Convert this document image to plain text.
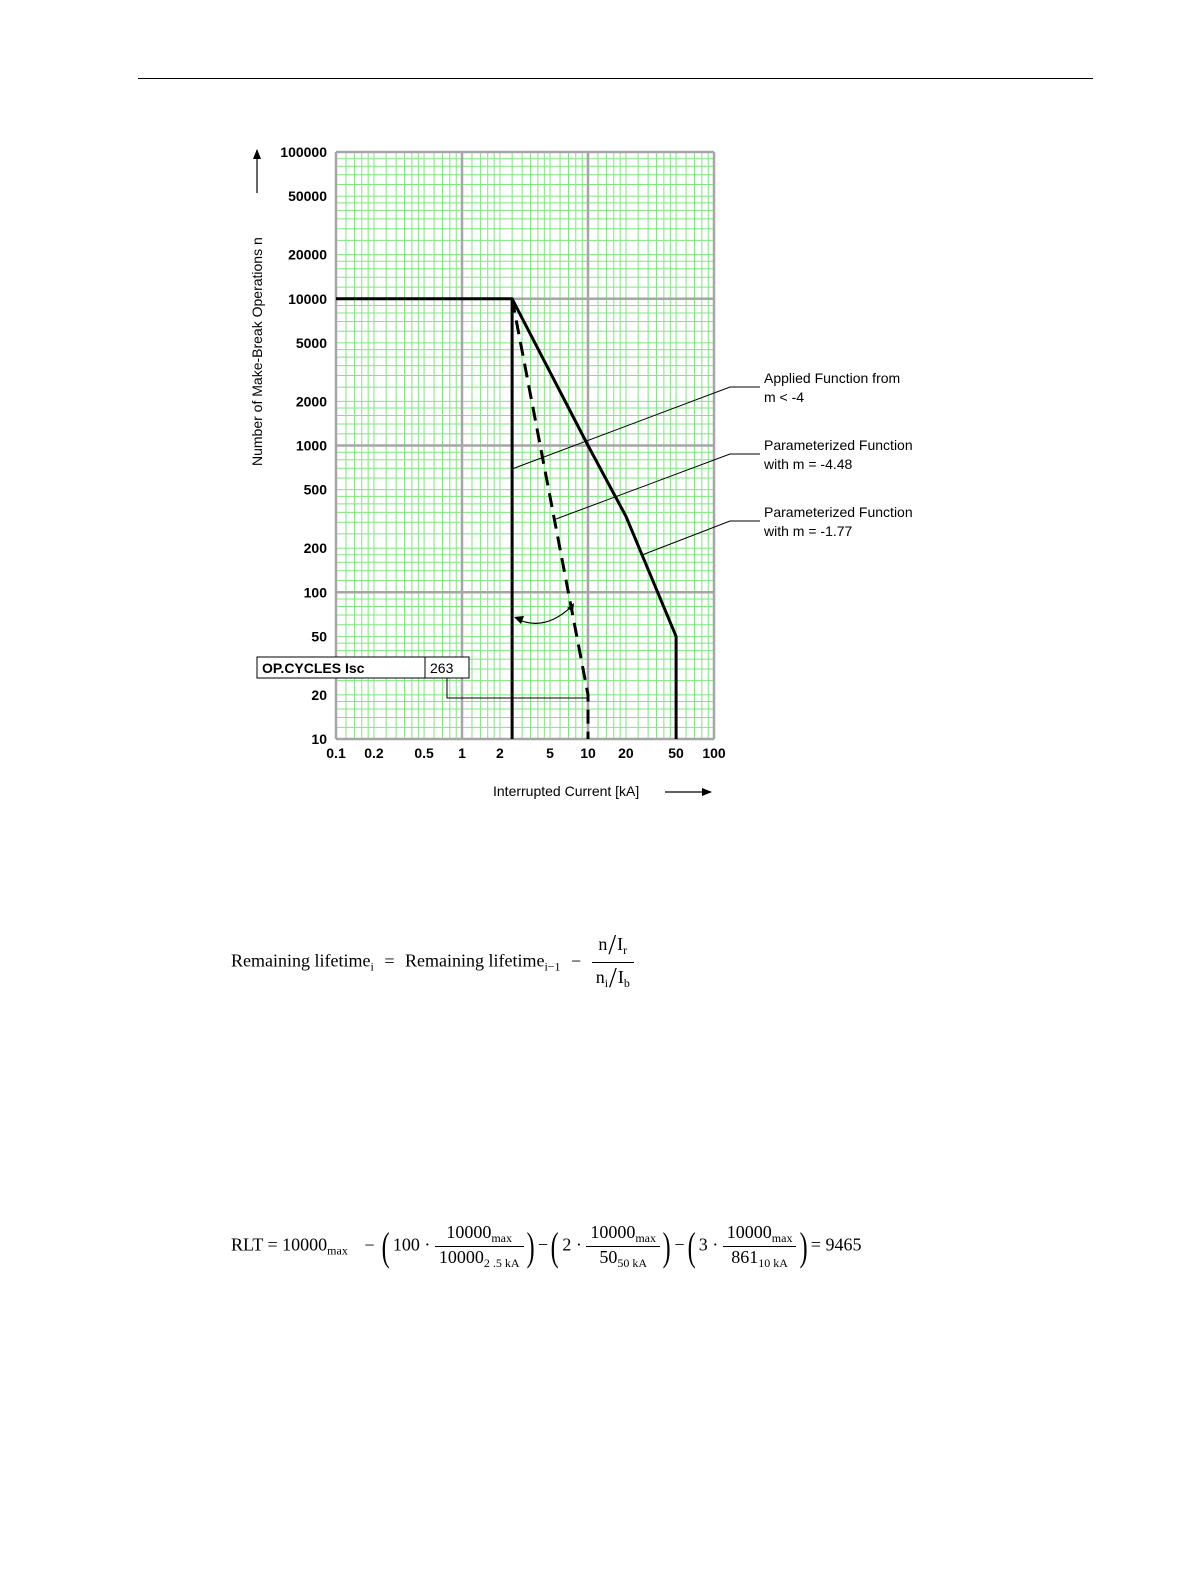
0.1 0.2 0.5 1 2	5 10 20 50 100
100000
50000
20000
10000
5000
2000
1000
500
200
100
50
20
10
Number of Make-Break Operations n
Interrupted Current [kA]
Applied Function from
m < -4
Parameterized Function
with m = -4.48
Parameterized Function
with m = -1.77
OP.CYCLES Isc	263
Remaining lifetime$_i$ = Remaining lifetime$_{i-1}$ − $\frac{n/I_r}{n_i/I_b}$
RLT = $10000_{max}$ − ( $100 \cdot \frac{10000_{max}}{10000_{2 .5 kA}}$ ) − ( $2 \cdot \frac{10000_{max}}{50_{50 kA}}$ ) − ( $3 \cdot \frac{10000_{max}}{861_{10 kA}}$ ) = 9465
